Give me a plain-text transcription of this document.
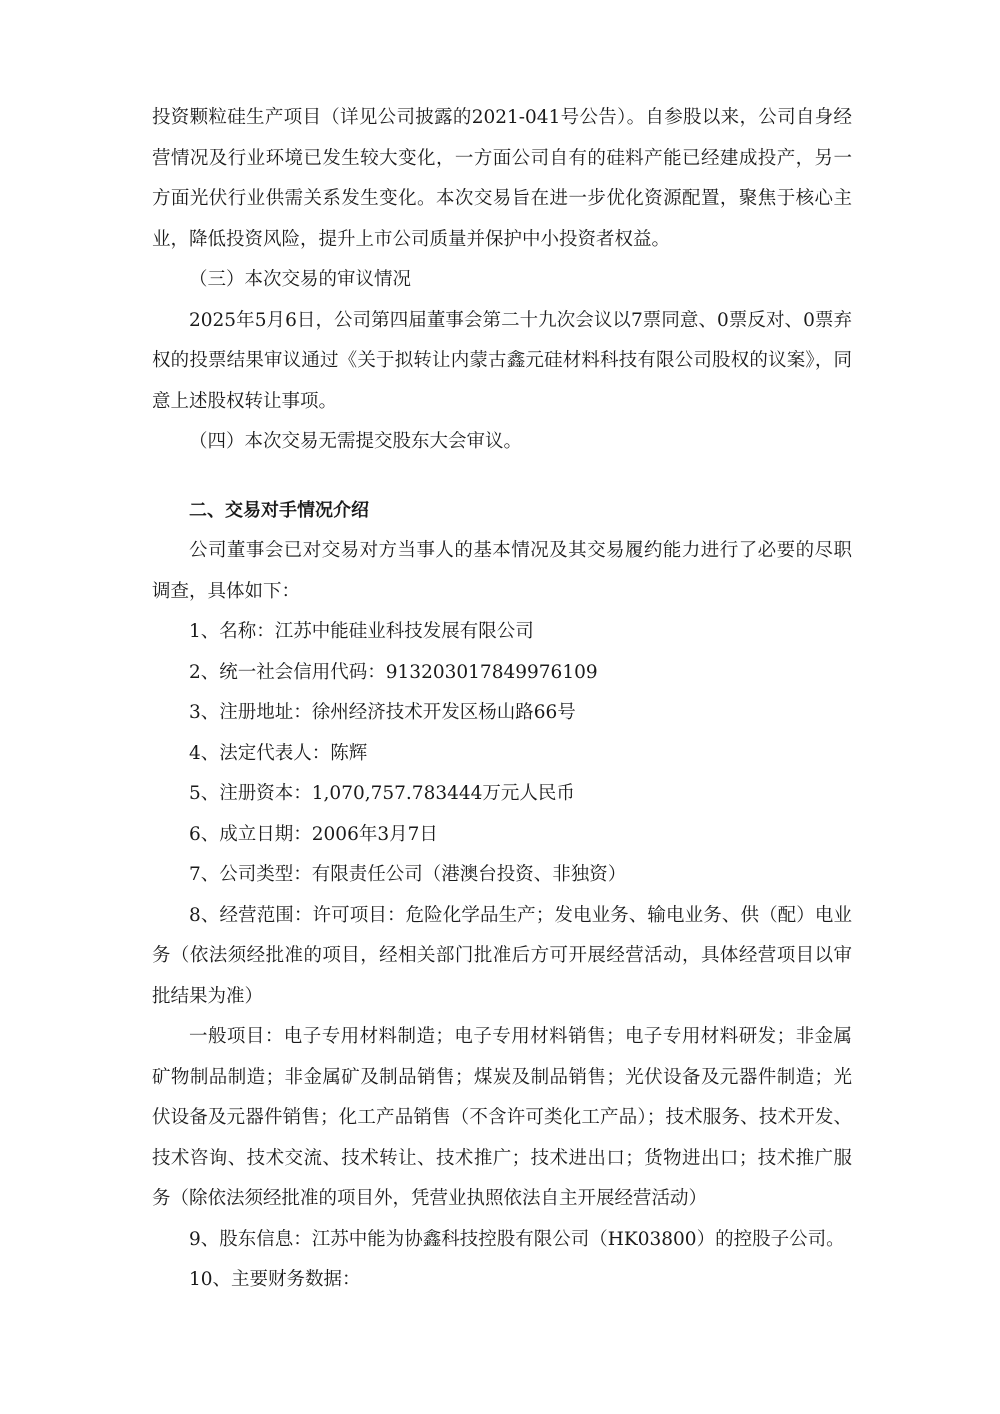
投资颗粒硅生产项目（详见公司披露的2021-041号公告）。自参股以来，公司自身经营情况及行业环境已发生较大变化，一方面公司自有的硅料产能已经建成投产，另一方面光伏行业供需关系发生变化。本次交易旨在进一步优化资源配置，聚焦于核心主业，降低投资风险，提升上市公司质量并保护中小投资者权益。

（三）本次交易的审议情况

2025年5月6日，公司第四届董事会第二十九次会议以7票同意、0票反对、0票弃权的投票结果审议通过《关于拟转让内蒙古鑫元硅材料科技有限公司股权的议案》，同意上述股权转让事项。

（四）本次交易无需提交股东大会审议。

二、交易对手情况介绍

公司董事会已对交易对方当事人的基本情况及其交易履约能力进行了必要的尽职调查，具体如下：

1、名称：江苏中能硅业科技发展有限公司

2、统一社会信用代码：913203017849976109

3、注册地址：徐州经济技术开发区杨山路66号

4、法定代表人：陈辉

5、注册资本：1,070,757.783444万元人民币

6、成立日期：2006年3月7日

7、公司类型：有限责任公司（港澳台投资、非独资）

8、经营范围：许可项目：危险化学品生产；发电业务、输电业务、供（配）电业务（依法须经批准的项目，经相关部门批准后方可开展经营活动，具体经营项目以审批结果为准）

一般项目：电子专用材料制造；电子专用材料销售；电子专用材料研发；非金属矿物制品制造；非金属矿及制品销售；煤炭及制品销售；光伏设备及元器件制造；光伏设备及元器件销售；化工产品销售（不含许可类化工产品）；技术服务、技术开发、技术咨询、技术交流、技术转让、技术推广；技术进出口；货物进出口；技术推广服务（除依法须经批准的项目外，凭营业执照依法自主开展经营活动）

9、股东信息：江苏中能为协鑫科技控股有限公司（HK03800）的控股子公司。

10、主要财务数据：
